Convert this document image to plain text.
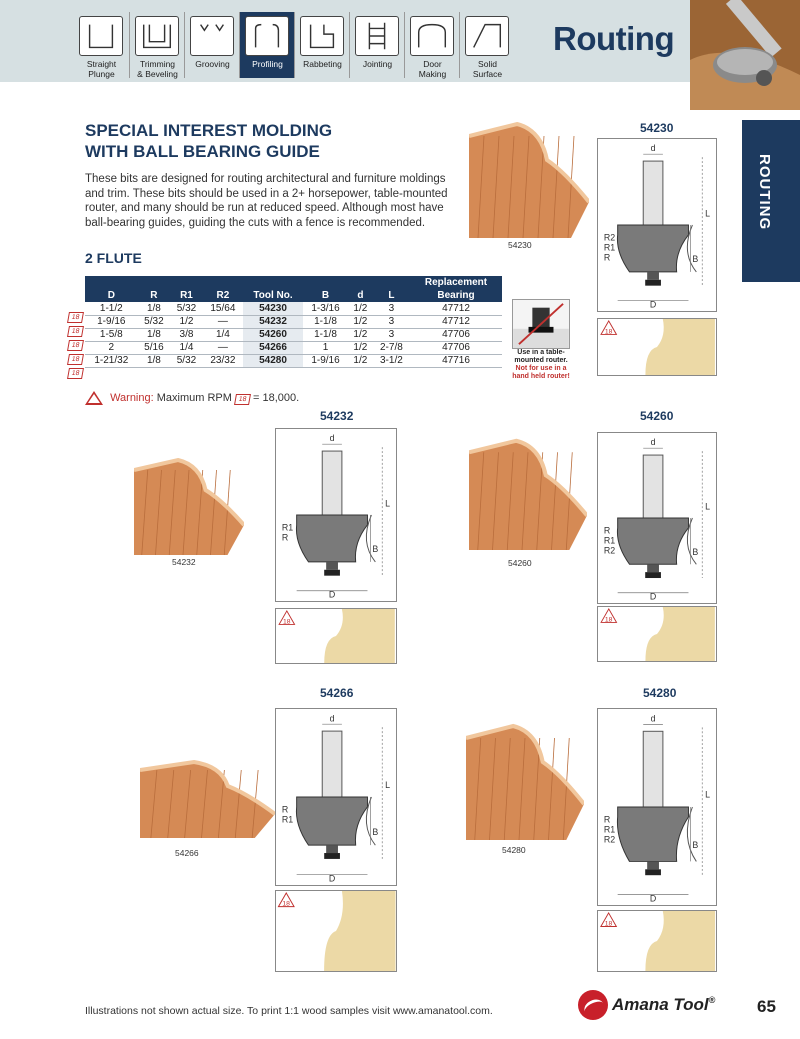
Straight
Plunge
Trimming
& Beveling
Grooving	Profiling	Rabbeting	Jointing	Door
Making
Solid
Surface
Routing
ROUTING
SPECIAL INTEREST MOLDING
WITH BALL BEARING GUIDE
These bits are designed for routing architectural and furniture moldings and trim. These bits should be used in a 2+ horsepower, table-mounted router, and many should be run at reduced speed. Although most have ball-bearing guides, guiding the cuts with a fence is recommended.
2 FLUTE
								Replacement
D	R	R1	R2	Tool No.	B	d	L	Bearing
1-1/2	1/8	5/32	15/64	54230	1-3/16	1/2	3	47712
1-9/16	5/32	1/2	—	54232	1-1/8	1/2	3	47712
1-5/8	1/8	3/8	1/4	54260	1-1/8	1/2	3	47706
2	5/16	1/4	—	54266	1	1/2	2-7/8	47706
1-21/32	1/8	5/32	23/32	54280	1-9/16	1/2	3-1/2	47716
18
18
18
18
18
Warning: Maximum RPM 18 = 18,000.
Use in a table-
mounted router.
Not for use in a
hand held router!
54230
d
L
B
D
R2
R1
R
18
54230
54232
d
L
B
D
R1
R
18
54232
54260
d
L
B
D
R
R1
R2
18
54260
54266
d
L
B
D
R
R1
18
54266
54280
d
L
B
D
R
R1
R2
18
54280
Illustrations not shown actual size. To print 1:1 wood samples visit www.amanatool.com.	Amana Tool® 65
